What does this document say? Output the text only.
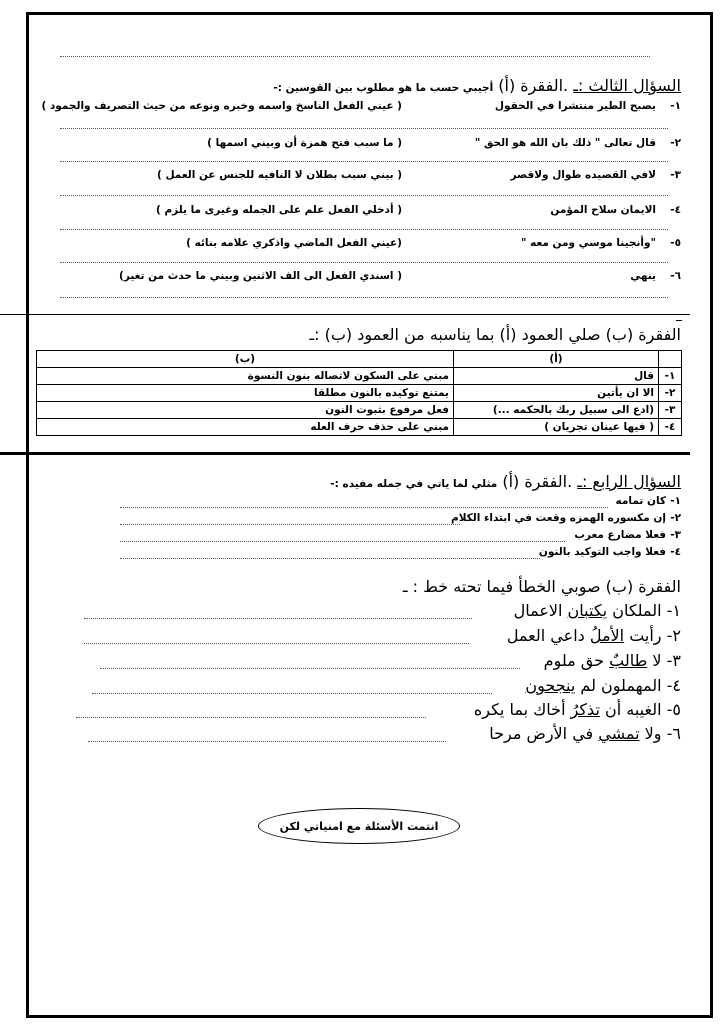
السؤال الثالث :ـ .الفقرة (أ) أجيبي حسب ما هو مطلوب بين القوسين :-
١-
يصبح الطير منتشرا في الحقول
( عيني الفعل الناسخ واسمه وخبره ونوعه من حيث التصريف والجمود )
٢-
قال تعالى " ذلك بان الله هو الحق "
( ما سبب فتح همزة أن وبيني اسمها )
٣-
لافي القصيده طوال ولاقصر
( بيني سبب بطلان لا النافيه للجنس عن العمل )
٤-
الايمان سلاح المؤمن
( أدخلي الفعل علم على الجمله وغيرى ما يلزم )
٥-
"وأنجينا موسي ومن معه "
(عيني الفعل الماضي واذكري علامه بنائه )
٦-
ينهي
( اسندي الفعل الى الف الاثنين وبيني ما حدث من تغير)
الفقرة (ب) صلي العمود (أ) بما يناسبه من العمود (ب) :ـ
	(أ)	(ب)
١-	قال	مبني على السكون لاتصاله بنون النسوة
٢-	الا ان يأتين	يمتنع توكيده بالنون مطلقا
٣-	(ادع الى سبيل ربك بالحكمه ...)	فعل مرفوع بثبوت النون
٤-	( فيها عينان تجريان )	مبني على حذف حرف العله
السؤال الرابع :ـ .الفقرة (أ) مثلي لما ياتي في جمله مفيده :-
١-
كان تمامه
٢-
إن مكسوره الهمزه وقعت في ابتداء الكلام
٣-
فعلا مضارع معرب
٤-
فعلا واجب التوكيد بالنون
الفقرة (ب) صوبي الخطأ فيما تحته خط : ـ
١- الملكان يكتبان الاعمال
٢- رأيت الأملُ داعي العمل
٣- لا طالبٌ حق ملوم
٤- المهملون لم ينجحون
٥- الغيبه أن تذكرُ أخاك بما يكره
٦- ولا تمشي في الأرض مرحا
انتمت الأسئلة مع امنياتي لكن
